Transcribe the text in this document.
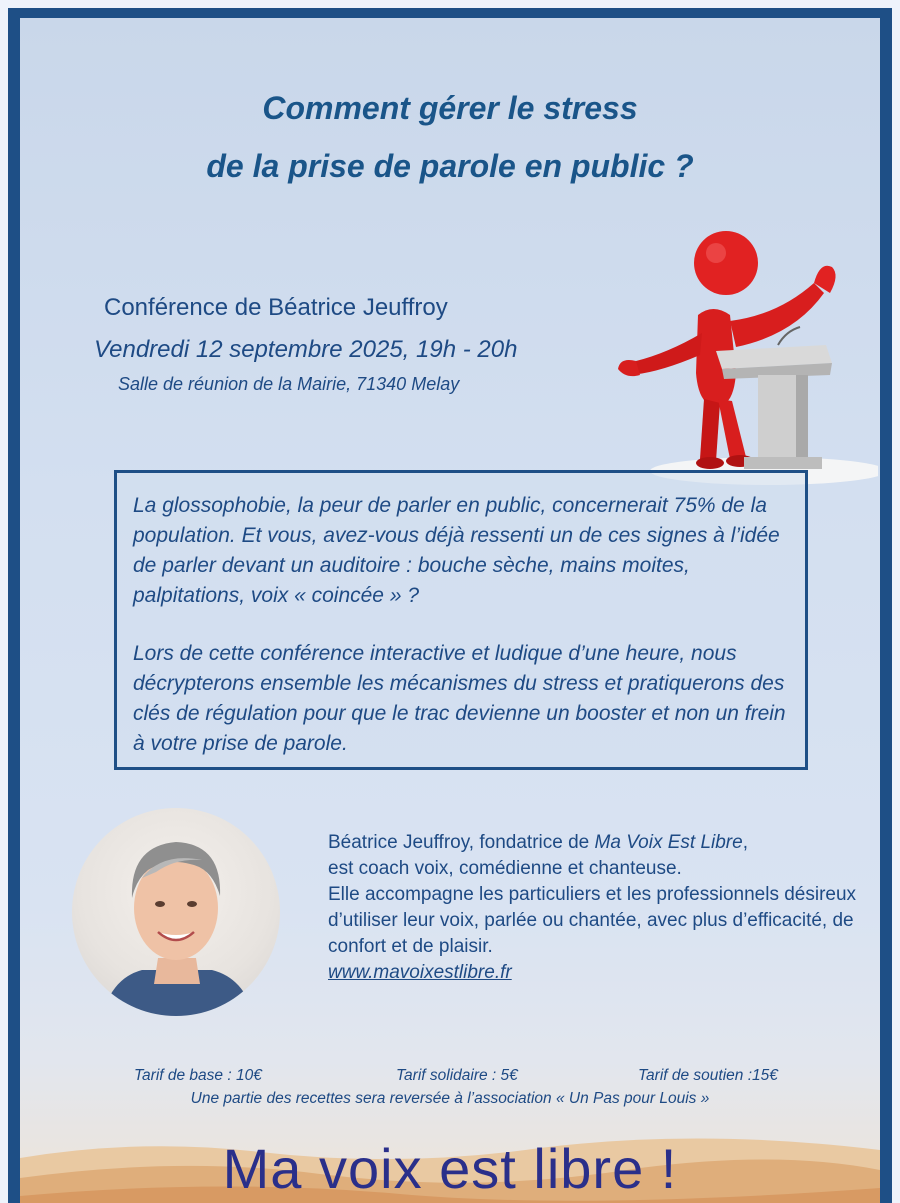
Comment gérer le stress
de la prise de parole en public ?
Conférence de Béatrice Jeuffroy
Vendredi 12 septembre 2025, 19h - 20h
Salle de réunion de la Mairie, 71340 Melay

La glossophobie, la peur de parler en public, concernerait 75% de la population. Et vous, avez-vous déjà ressenti un de ces signes à l’idée de parler devant un auditoire : bouche sèche, mains moites, palpitations, voix « coincée » ?

Lors de cette conférence interactive et ludique d’une heure, nous décrypterons ensemble les mécanismes du stress et pratiquerons des clés de régulation pour que le trac devienne un booster et non un frein à votre prise de parole.

Béatrice Jeuffroy, fondatrice de Ma Voix Est Libre,
est coach voix, comédienne et chanteuse.
Elle accompagne les particuliers et les professionnels désireux d’utiliser leur voix, parlée ou chantée, avec plus d’efficacité, de confort et de plaisir.
www.mavoixestlibre.fr
Tarif de base : 10€	Tarif solidaire : 5€	Tarif de soutien :15€
Une partie des recettes sera reversée à l’association « Un Pas pour Louis »
Ma voix est libre !
